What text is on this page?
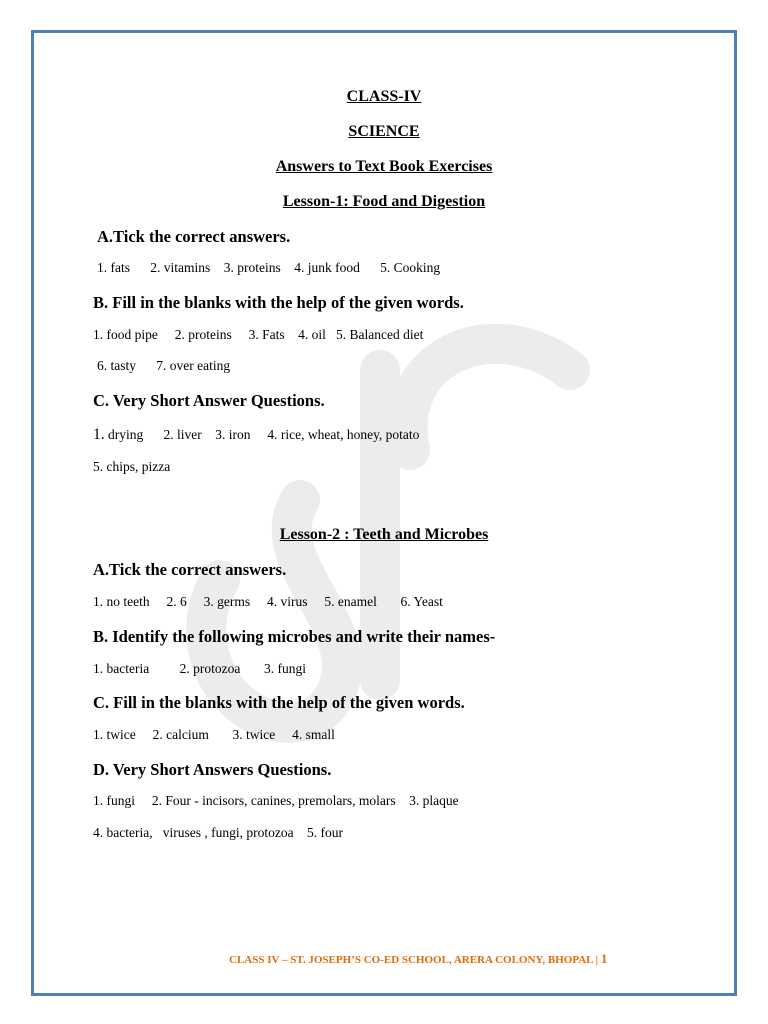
CLASS-IV
SCIENCE
Answers to Text Book Exercises
Lesson-1: Food and Digestion
A.Tick the correct answers.
1. fats      2. vitamins    3. proteins    4. junk food      5. Cooking
B. Fill in the blanks with the help of the given words.
1. food pipe     2. proteins     3. Fats    4. oil   5. Balanced diet
6. tasty      7. over eating
C. Very Short Answer Questions.
1. drying      2. liver    3. iron     4. rice, wheat, honey, potato
5. chips, pizza
Lesson-2 : Teeth and Microbes
A.Tick the correct answers.
1. no teeth     2. 6     3. germs     4. virus     5. enamel       6. Yeast
B. Identify the following microbes and write their names-
1. bacteria         2. protozoa       3. fungi
C. Fill in the blanks with the help of the given words.
1. twice     2. calcium       3. twice     4. small
D. Very Short Answers Questions.
1. fungi     2. Four - incisors, canines, premolars, molars    3. plaque
4. bacteria,   viruses , fungi, protozoa    5. four
CLASS IV – ST. JOSEPH’S CO-ED SCHOOL, ARERA COLONY, BHOPAL | 1
